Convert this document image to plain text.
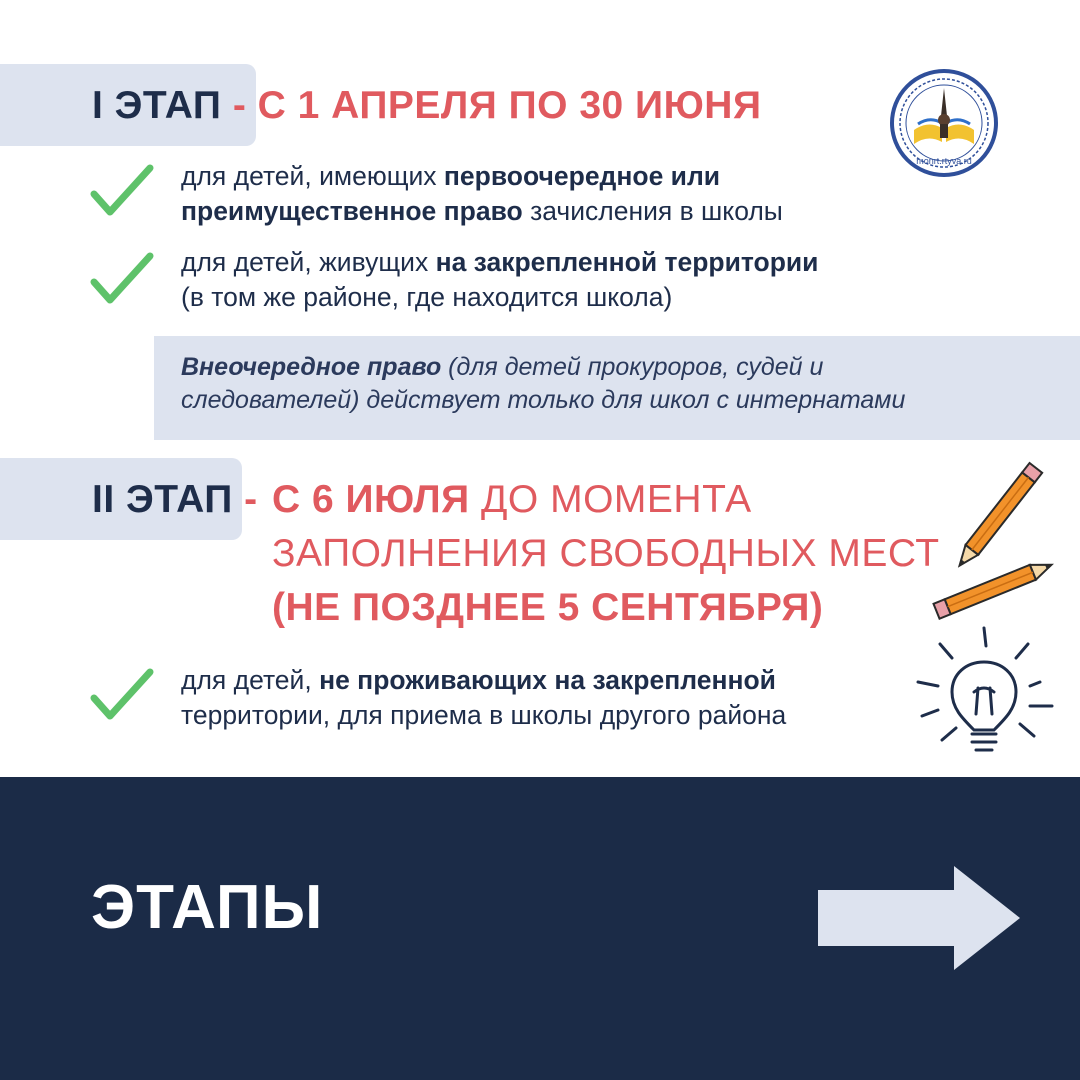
I ЭТАП - С 1 АПРЕЛЯ ПО 30 ИЮНЯ
monrt.rtyva.ru
для детей, имеющих первоочередное или
преимущественное право зачисления в школы
для детей, живущих на закрепленной территории
(в том же районе, где находится школа)
Внеочередное право (для детей прокуроров, судей и
следователей) действует только для школ с интернатами
II ЭТАП - С 6 ИЮЛЯ ДО МОМЕНТА
ЗАПОЛНЕНИЯ СВОБОДНЫХ МЕСТ
(НЕ ПОЗДНЕЕ 5 СЕНТЯБРЯ)
для детей, не проживающих на закрепленной
территории, для приема в школы другого района
ЭТАПЫ
